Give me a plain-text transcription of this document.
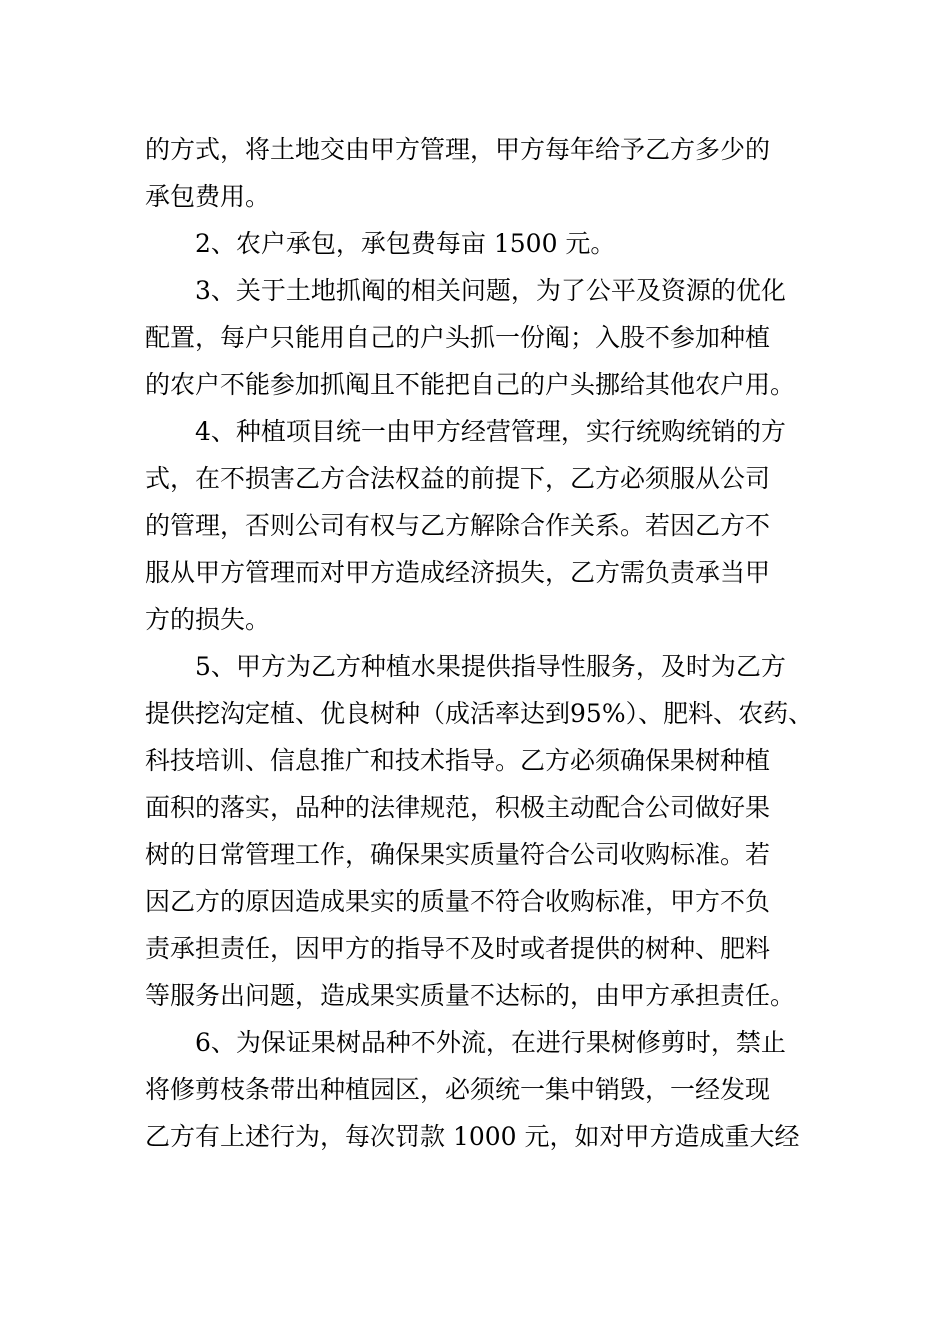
的方式，将土地交由甲方管理，甲方每年给予乙方多少的
承包费用。
2、农户承包，承包费每亩 1500 元。
3、关于土地抓阄的相关问题，为了公平及资源的优化
配置，每户只能用自己的户头抓一份阄；入股不参加种植
的农户不能参加抓阄且不能把自己的户头挪给其他农户用。
4、种植项目统一由甲方经营管理，实行统购统销的方
式，在不损害乙方合法权益的前提下，乙方必须服从公司
的管理，否则公司有权与乙方解除合作关系。若因乙方不
服从甲方管理而对甲方造成经济损失，乙方需负责承当甲
方的损失。
5、甲方为乙方种植水果提供指导性服务，及时为乙方
提供挖沟定植、优良树种（成活率达到95%）、肥料、农药、
科技培训、信息推广和技术指导。乙方必须确保果树种植
面积的落实，品种的法律规范，积极主动配合公司做好果
树的日常管理工作，确保果实质量符合公司收购标准。若
因乙方的原因造成果实的质量不符合收购标准，甲方不负
责承担责任，因甲方的指导不及时或者提供的树种、肥料
等服务出问题，造成果实质量不达标的，由甲方承担责任。
6、为保证果树品种不外流，在进行果树修剪时，禁止
将修剪枝条带出种植园区，必须统一集中销毁，一经发现
乙方有上述行为，每次罚款 1000 元，如对甲方造成重大经
